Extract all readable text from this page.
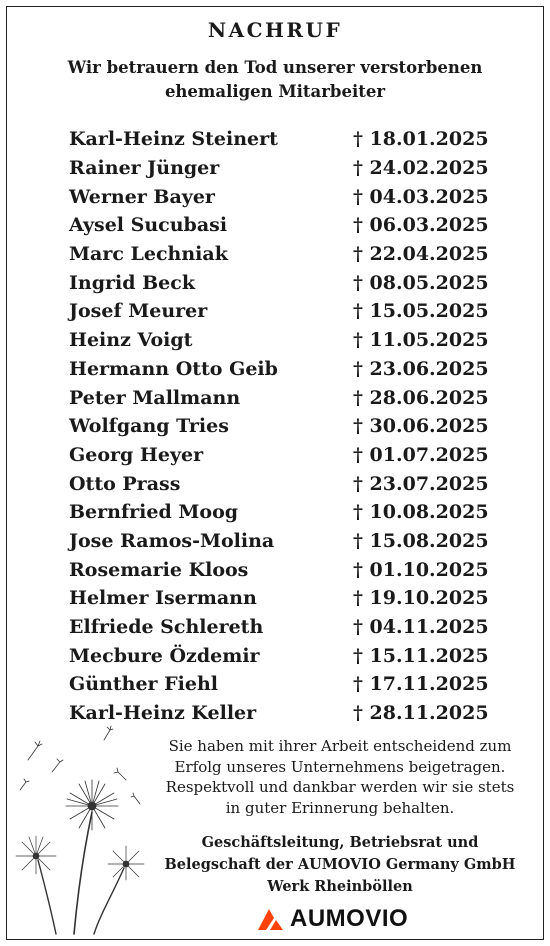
NACHRUF
Wir betrauern den Tod unserer verstorbenen
ehemaligen Mitarbeiter
Karl-Heinz Steinert	† 18.01.2025
Rainer Jünger	† 24.02.2025
Werner Bayer	† 04.03.2025
Aysel Sucubasi	† 06.03.2025
Marc Lechniak	† 22.04.2025
Ingrid Beck	† 08.05.2025
Josef Meurer	† 15.05.2025
Heinz Voigt	† 11.05.2025
Hermann Otto Geib	† 23.06.2025
Peter Mallmann	† 28.06.2025
Wolfgang Tries	† 30.06.2025
Georg Heyer	† 01.07.2025
Otto Prass	† 23.07.2025
Bernfried Moog	† 10.08.2025
Jose Ramos-Molina	† 15.08.2025
Rosemarie Kloos	† 01.10.2025
Helmer Isermann	† 19.10.2025
Elfriede Schlereth	† 04.11.2025
Mecbure Özdemir	† 15.11.2025
Günther Fiehl	† 17.11.2025
Karl-Heinz Keller	† 28.11.2025
Sie haben mit ihrer Arbeit entscheidend zum
Erfolg unseres Unternehmens beigetragen.
Respektvoll und dankbar werden wir sie stets
in guter Erinnerung behalten.
Geschäftsleitung, Betriebsrat und
Belegschaft der AUMOVIO Germany GmbH
Werk Rheinböllen
AUMOVIO
